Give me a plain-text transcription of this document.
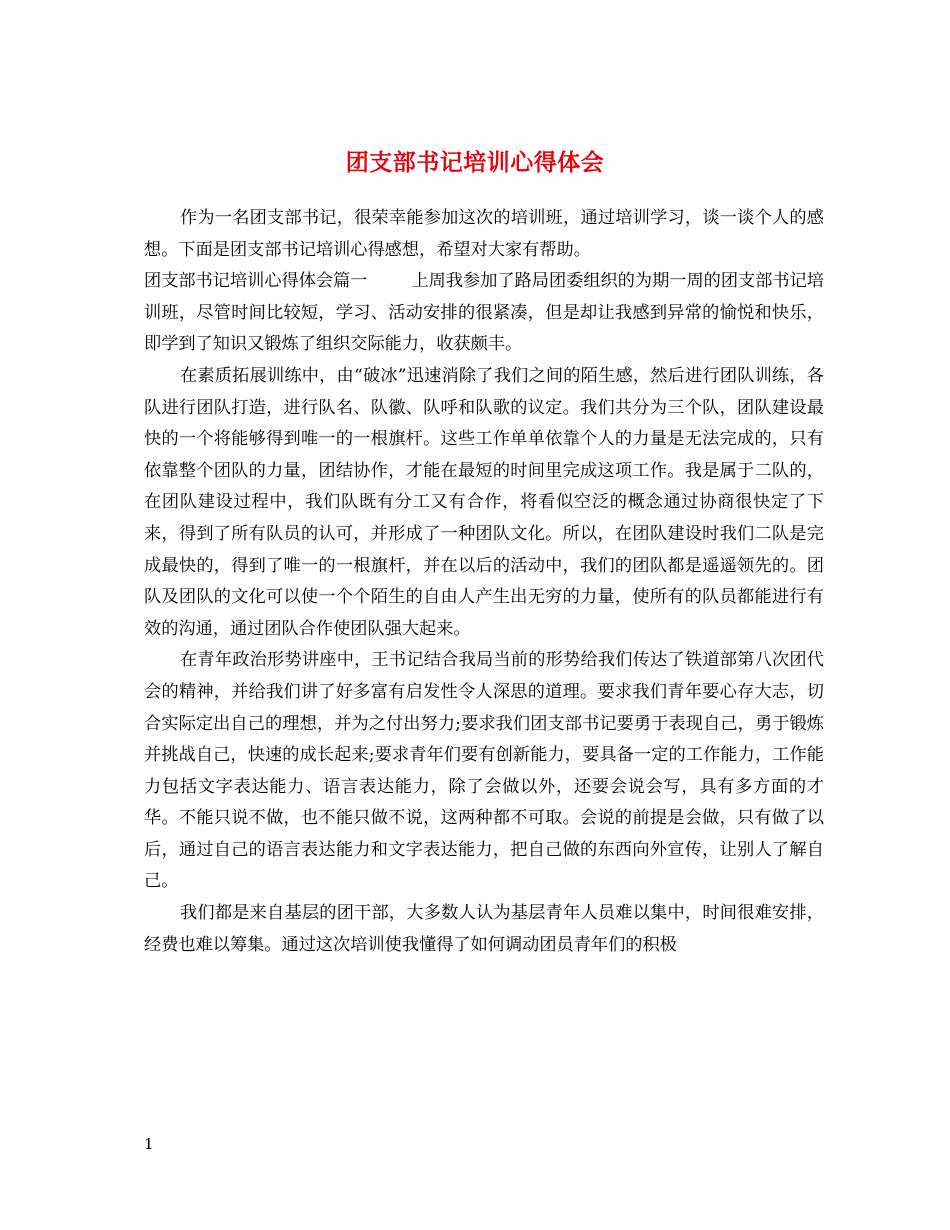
团支部书记培训心得体会

作为一名团支部书记，很荣幸能参加这次的培训班，通过培训学习，谈一谈个人的感想。下面是团支部书记培训心得感想，希望对大家有帮助。

团支部书记培训心得体会篇一	上周我参加了路局团委组织的为期一周的团支部书记培训班，尽管时间比较短，学习、活动安排的很紧凑，但是却让我感到异常的愉悦和快乐，即学到了知识又锻炼了组织交际能力，收获颇丰。

在素质拓展训练中，由“破冰”迅速消除了我们之间的陌生感，然后进行团队训练，各队进行团队打造，进行队名、队徽、队呼和队歌的议定。我们共分为三个队，团队建设最快的一个将能够得到唯一的一根旗杆。这些工作单单依靠个人的力量是无法完成的，只有依靠整个团队的力量，团结协作，才能在最短的时间里完成这项工作。我是属于二队的，在团队建设过程中，我们队既有分工又有合作，将看似空泛的概念通过协商很快定了下来，得到了所有队员的认可，并形成了一种团队文化。所以，在团队建设时我们二队是完成最快的，得到了唯一的一根旗杆，并在以后的活动中，我们的团队都是遥遥领先的。团队及团队的文化可以使一个个陌生的自由人产生出无穷的力量，使所有的队员都能进行有效的沟通，通过团队合作使团队强大起来。

在青年政治形势讲座中，王书记结合我局当前的形势给我们传达了铁道部第八次团代会的精神，并给我们讲了好多富有启发性令人深思的道理。要求我们青年要心存大志，切合实际定出自己的理想，并为之付出努力;要求我们团支部书记要勇于表现自己，勇于锻炼并挑战自己，快速的成长起来;要求青年们要有创新能力，要具备一定的工作能力，工作能力包括文字表达能力、语言表达能力，除了会做以外，还要会说会写，具有多方面的才华。不能只说不做，也不能只做不说，这两种都不可取。会说的前提是会做，只有做了以后，通过自己的语言表达能力和文字表达能力，把自己做的东西向外宣传，让别人了解自己。

我们都是来自基层的团干部，大多数人认为基层青年人员难以集中，时间很难安排，经费也难以筹集。通过这次培训使我懂得了如何调动团员青年们的积极

1
